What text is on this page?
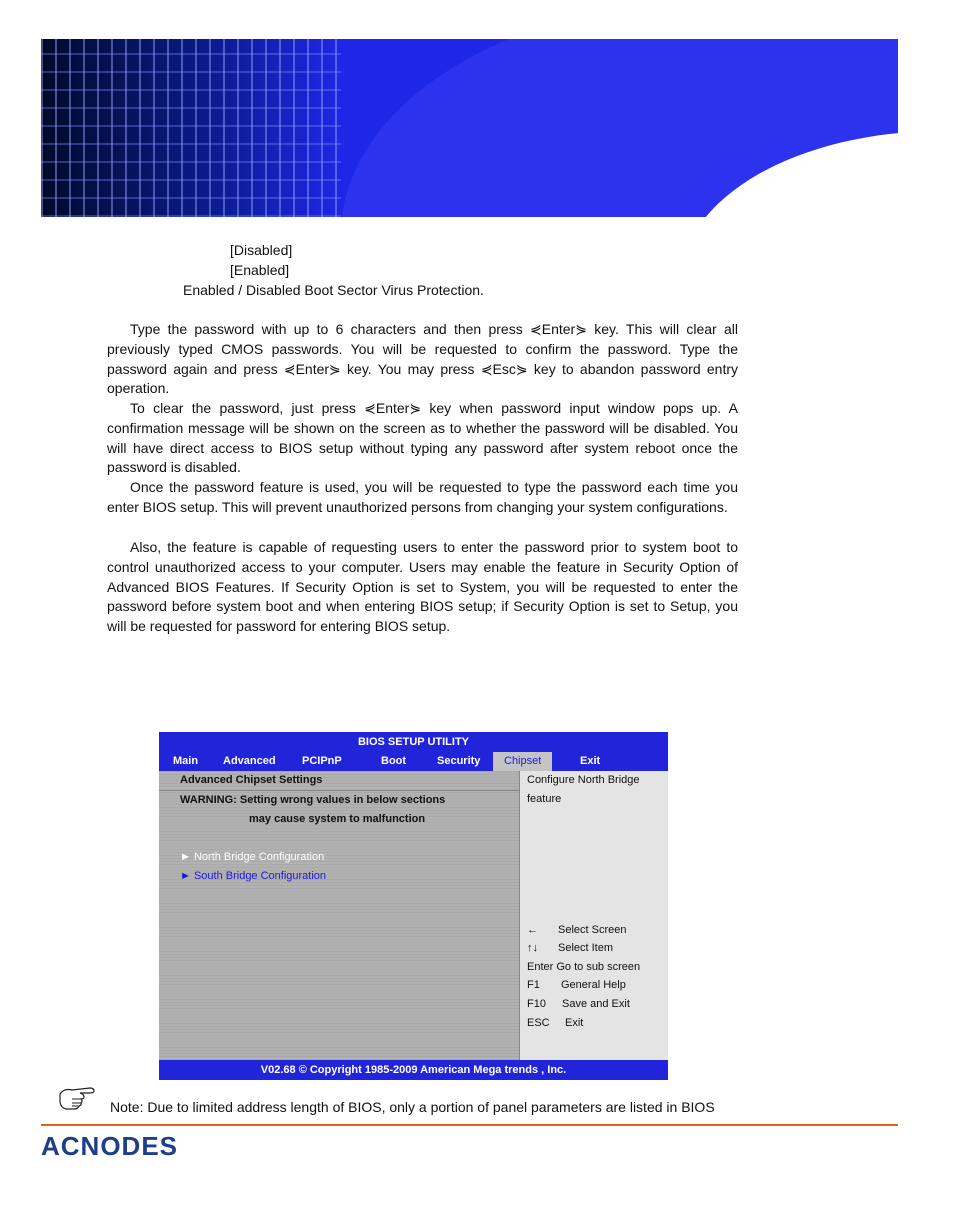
[Disabled]
[Enabled]
Enabled / Disabled Boot Sector Virus Protection.

Type the password with up to 6 characters and then press ⋞Enter⋟ key. This will clear all previously typed CMOS passwords. You will be requested to confirm the password. Type the password again and press ⋞Enter⋟ key. You may press ⋞Esc⋟ key to abandon password entry operation.

To clear the password, just press ⋞Enter⋟ key when password input window pops up. A confirmation message will be shown on the screen as to whether the password will be disabled. You will have direct access to BIOS setup without typing any password after system reboot once the password is disabled.

Once the password feature is used, you will be requested to type the password each time you enter BIOS setup. This will prevent unauthorized persons from changing your system configurations.

Also, the feature is capable of requesting users to enter the password prior to system boot to control unauthorized access to your computer. Users may enable the feature in Security Option of Advanced BIOS Features. If Security Option is set to System, you will be requested to enter the password before system boot and when entering BIOS setup; if Security Option is set to Setup, you will be requested for password for entering BIOS setup.

BIOS SETUP UTILITY
Main Advanced PCIPnP	Boot	Security	Chipset	Exit
Advanced Chipset Settings
WARNING: Setting wrong values in below sections
may cause system to malfunction
► North Bridge Configuration
► South Bridge Configuration
Configure North Bridge
feature
← Select Screen
↑↓ Select Item
Enter Go to sub screen
F1 General Help
F10 Save and Exit
ESC Exit
V02.68 © Copyright 1985-2009 American Mega trends , Inc.
Note: Due to limited address length of BIOS, only a portion of panel parameters are listed in BIOS
ACNODES
